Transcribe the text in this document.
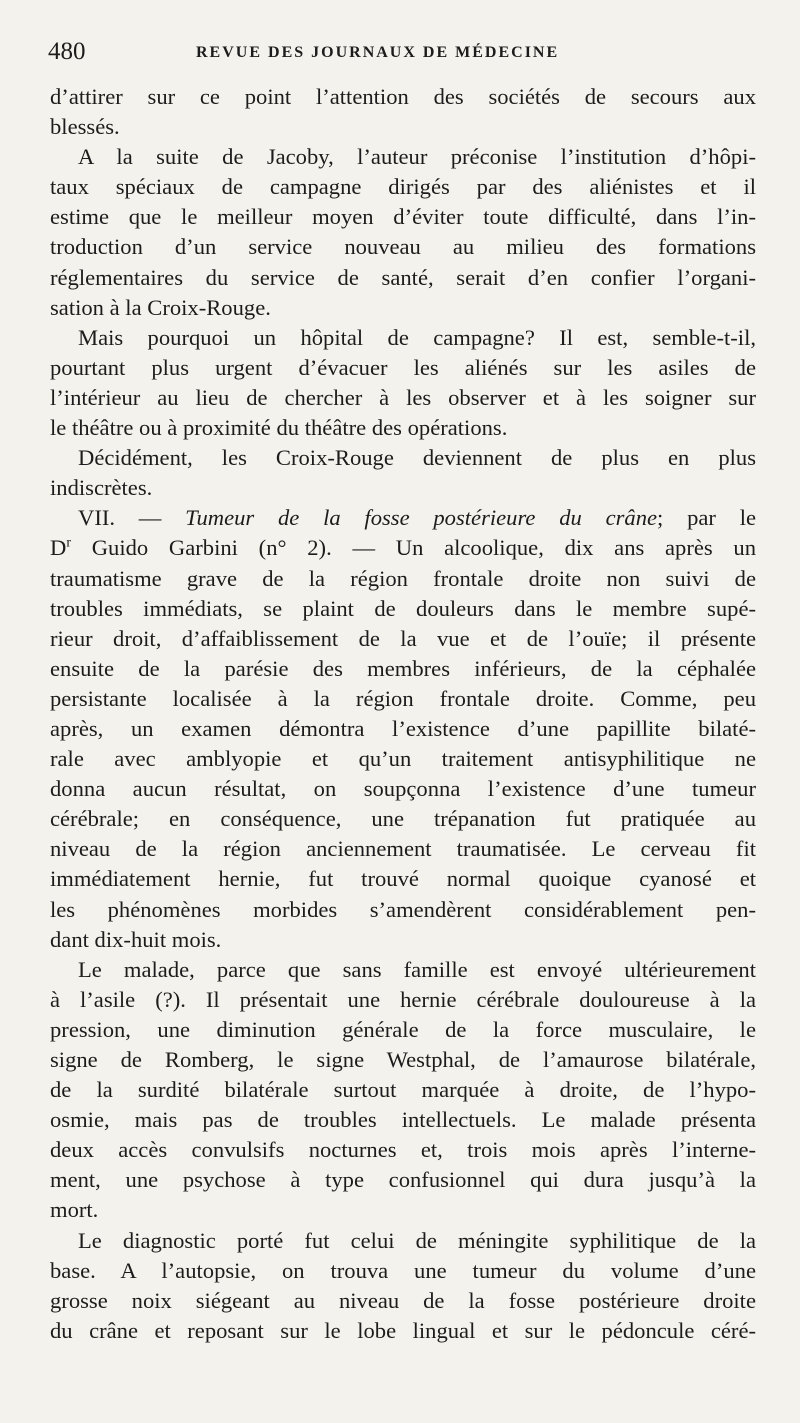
480	REVUE DES JOURNAUX DE MÉDECINE
d’attirer sur ce point l’attention des sociétés de secours aux
blessés.
A la suite de Jacoby, l’auteur préconise l’institution d’hôpi-
taux spéciaux de campagne dirigés par des aliénistes et il
estime que le meilleur moyen d’éviter toute difficulté, dans l’in-
troduction d’un service nouveau au milieu des formations
réglementaires du service de santé, serait d’en confier l’organi-
sation à la Croix-Rouge.
Mais pourquoi un hôpital de campagne? Il est, semble-t-il,
pourtant plus urgent d’évacuer les aliénés sur les asiles de
l’intérieur au lieu de chercher à les observer et à les soigner sur
le théâtre ou à proximité du théâtre des opérations.
Décidément, les Croix-Rouge deviennent de plus en plus
indiscrètes.
VII. — Tumeur de la fosse postérieure du crâne; par le
$D^r$ Guido Garbini (n° 2). — Un alcoolique, dix ans après un
traumatisme grave de la région frontale droite non suivi de
troubles immédiats, se plaint de douleurs dans le membre supé-
rieur droit, d’affaiblissement de la vue et de l’ouïe; il présente
ensuite de la parésie des membres inférieurs, de la céphalée
persistante localisée à la région frontale droite. Comme, peu
après, un examen démontra l’existence d’une papillite bilaté-
rale avec amblyopie et qu’un traitement antisyphilitique ne
donna aucun résultat, on soupçonna l’existence d’une tumeur
cérébrale; en conséquence, une trépanation fut pratiquée au
niveau de la région anciennement traumatisée. Le cerveau fit
immédiatement hernie, fut trouvé normal quoique cyanosé et
les phénomènes morbides s’amendèrent considérablement pen-
dant dix-huit mois.
Le malade, parce que sans famille est envoyé ultérieurement
à l’asile (?). Il présentait une hernie cérébrale douloureuse à la
pression, une diminution générale de la force musculaire, le
signe de Romberg, le signe Westphal, de l’amaurose bilatérale,
de la surdité bilatérale surtout marquée à droite, de l’hypo-
osmie, mais pas de troubles intellectuels. Le malade présenta
deux accès convulsifs nocturnes et, trois mois après l’interne-
ment, une psychose à type confusionnel qui dura jusqu’à la
mort.
Le diagnostic porté fut celui de méningite syphilitique de la
base. A l’autopsie, on trouva une tumeur du volume d’une
grosse noix siégeant au niveau de la fosse postérieure droite
du crâne et reposant sur le lobe lingual et sur le pédoncule céré-
